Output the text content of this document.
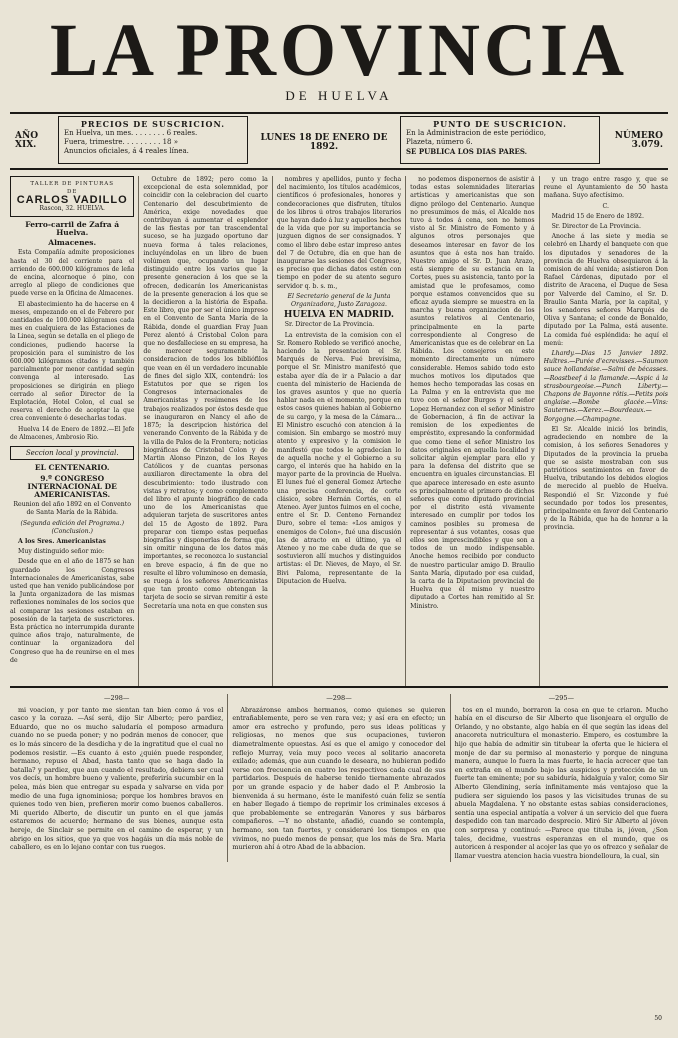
LA PROVINCIA
DE HUELVA
AÑO XIX.
PRECIOS DE SUSCRICION.
En Huelva, un mes. . . . . . . . 6 reales.
Fuera, trimestre. . . . . . . . . 18 »
Anuncios oficiales, á 4 reales línea.
LUNES 18 DE ENERO DE 1892.
PUNTO DE SUSCRICION.
En la Administracion de este periódico,
Plazeta, número 6.
SE PUBLICA LOS DIAS PARES.
NÚMERO 3.079.
TALLER DE PINTURAS
DE
CARLOS VADILLO
Rascon, 32. HUELVA.

Ferro-carril de Zafra á Huelva.

Almacenes.

Esta Compañía admite proposiciones hasta el 30 del corriente para el arriendo de 600.000 kilógramos de leña de encina, alcornoque ó pino, con arreglo al pliego de condiciones que puede verse en la Oficina de Almacenes.

El abastecimiento ha de hacerse en 4 meses, empezando en el de Febrero por cantidades de 100.000 kilógramos cada mes en cualquiera de las Estaciones de la Linea, según se detalla en el pliego de condiciones, pudiendo hacerse la proposición para el suministro de los 600.000 kilógramos citados y también parcialmente por menor cantidad según convenga al interesado. Las proposiciones se dirigirán en pliego cerrado al señor Director de la Explotación, Hotel Colon, el cual se reserva el derecho de aceptar la que crea conveniente ó desecharlas todas.

Huelva 14 de Enero de 1892.—El Jefe de Almacenes, Ambrosio Rio.

Seccion local y provincial.

EL CENTENARIO.

9.º CONGRESO INTERNACIONAL DE AMERICANISTAS.

Reunion del año 1892 en el Convento de Santa María de la Rábida.

(Segunda edición del Programa.) (Conclusion.)

A los Sres. Americanistas

Muy distinguido señor mio:

Desde que en el año de 1875 se han guardado los Congresos Internacionales de Americanistas, sabe usted que han venido publicándose por la Junta organizadora de las mismas reflexiones nominales de los socios que al comparar las sesiones estaban en posesión de la tarjeta de suscrictores. Esta práctica no interrumpida durante quince años trajo, naturalmente, de continuar la organizadora del Congreso que ha de reunirse en el mes de

Octubre de 1892; pero como la excepcional de esta solemnidad, por coincidir con la celebracion del cuarto Centenario del descubrimiento de América, exige novedades que contribuyan á aumentar el esplendor de las fiestas por tan trascendental suceso, se ha juzgado oportuno dar nueva forma á tales relaciones, incluyéndolas en un libro de buen volúmen que, ocupando un lugar distinguido entre los varios que la presente generacion á los que se la ofrecen, dedicarán los Americanistas de la presente generacion á los que se la decidieron a la história de España. Este libro, que por ser el único impreso en el Convento de Santa María de la Rábida, donde el guardian Fray Juan Perez alentó á Cristobal Colon para que no desfalleciese en su empresa, ha de merecer seguramente la consideracion de todos los bibliófilos que vean en él un verdadero incunable de fines del siglo XIX, contendrá: los Estatutos por que se rigen los Congresos internacionales de Americanistas y resúmenes de los trabajos realizados por éstos desde que se inauguraron en Nancy el año de 1875; la descripcion histórica del venerando Convento de la Rábida y de la villa de Palos de la Frontera; noticias biográficas de Cristobal Colon y de Martin Alonso Pinzon, de los Reyes Católicos y de cuantas personas auxiliaron directamente la obra del descubrimiento: todo ilustrado con vistas y retratos; y como complemento del libro el apunte biográfico de cada uno de los Americanistas que adquieran tarjeta de suscritores antes del 15 de Agosto de 1892. Para preparar con tiempo estas pequeñas biografías y disponerlas de forma que, sin omitir ninguna de los datos más importantes, se reconozca lo sustancial en breve espacio, á fin de que no resulte el libro voluminoso en demasía, se ruega á los señores Americanistas que tan pronto como obtengan la tarjeta de socio se sirvan remitir á este Secretaría una nota en que consten sus

nombres y apellidos, punto y fecha del nacimiento, los títulos académicos, científicos ó profesionales, honores y condecoraciones que disfruten, títulos de los libros ú otros trabajos literarios que hayan dado á luz y aquellos hechos de la vida que por su importancia se juzguen dignos de ser consignados. Y como el libro debe estar impreso antes del 7 de Octubre, día en que han de inaugurarse las sesiones del Congreso, es preciso que dichas datos estén con tiempo en poder de su atento seguro servidor q. b. s. m.,

El Secretario general de la Junta Organizadora, Justo Zaragoza.

HUELVA EN MADRID.

Sr. Director de La Provincia.

La entrevista de la comision con el Sr. Romero Robledo se verificó anoche, haciendo la presentacion el Sr. Marqués de Nerva. Fué brevísima, porque el Sr. Ministro manifestó que estaba ayer día de ir a Palacio a dar cuenta del ministerio de Hacienda de los graves asuntos y que no quería hablar nada en el momento, porque en estos casos quienes habian al Gobierno de su cargo, y la mesa de la Cámara... El Ministro escuchó con atencion á la comision. Sin embargo se mostró muy atento y expresivo y la comision le manifestó que todos le agradecían lo de aquella noche y el Gobierno a su cargo, el interés que ha habido en la mayor parte de la provincia de Huelva. El lunes fué el general Gomez Arteche una precisa conferencia, de corte clásico, sobre Hernán Cortés, en el Ateneo. Ayer juntos fuimos en el coche, entre el Sr. D. Centeno Fernandez Duro, sobre el tema: «Los amigos y enemigos de Colon», fué una discusión las de atracto en el último, ya el Ateneo y no me cabe duda de que se sostuvieron allí muchos y distinguidos artistas: el Dr. Nieves, de Mayo, el Sr. Bivi Paloma, representante de la Diputacion de Huelva.

no podemos disponernos de asistir á todas estas solemnidades literarias artísticas y americanistas que son digno prólogo del Centenario. Aunque no presumimos de más, el Alcalde nos tuvo á todos á cena, son no hemos visto al Sr. Ministro de Fomento y á algunos otros personajes que deseamos interesar en favor de los asuntos que á esta nos han traído. Nuestro amigo el Sr. D. Juan Arazo, está siempre de su estancia en la Cortes, pues su asistencia, tanto por la amistad que le profesamos, como porque estamos convencidos que su eficaz ayuda siempre se muestra en la marcha y buena organizacion de los asuntos relativos al Centenario, principalmente en la parte correspondiente al Congreso de Americanistas que es de celebrar en La Rábida. Los consejeros en este momento directamente un número considerable. Hemos sabido todo esto muchos motivos los diputados que hemos hecho temporadas las cosas en La Palma y en la entrevista que me tuvo con el señor Burgos y el señor Lopez Hernandez con el señor Ministro de Gobernacion, á fin de activar la remision de los expedientes de empréstito, expresando la conformidad que como tiene el señor Ministro los datos originales en aquella localidad y solicitar algún ejemplar para ello y para la defensa del distrito que se encuentra en iguales circunstancias. El que aparece interesado en este asunto es principalmente el primero de dichos señores que como diputado provincial por el distrito está vivamente interesado en cumplir por todos los caminos posibles su promesa de representar á sus votantes, cosas que ellos son imprescindibles y que son a todos de un modo indispensable. Anoche hemos recibido por conducto de nuestro particular amigo D. Braulio Santa María, diputado por esa cuidad, la carta de la Diputacion provincial de Huelva que él mismo y nuestro diputado a Cortes han remitido al Sr. Ministro.

y un trago entre rasgo y, que se reune el Ayuntamiento de 50 hasta mañana. Suyo afectísimo.

C.

Madrid 15 de Enero de 1892.

Sr. Director de La Provincia.

Anoche á las siete y media se celebró en Lhardy el banquete con que los diputados y senadores de la provincia de Huelva obsequiaron á la comision de ahí venida; asistieron Don Rafael Cárdenas, diputado por el distrito de Aracena, el Duque de Sesa por Valverde del Camino, el Sr. D. Braulio Santa María, por la capital, y los senadores señores Marqués de Oliva y Santana; el conde de Bonaldo, diputado por La Palma, está ausente. La comida fué espléndida: he aquí el menú:

Lhardy.—Dias 15 Janvier 1892. Huîtres.—Purée d'ecrevisses.—Saumon sauce hollandaise.—Salmi de bécasses.—Roastbeef á la flamande.—Aspic á la strasbourgeoise.—Punch Liberty.—Chapons de Bayonne rôtis.—Petits pois anglaise.—Bombe glacée.—Vins: Sauternes.—Xerez.—Bourdeaux.—Borgogne.—Champagne.

El Sr. Alcalde inició los brindis, agradeciendo en nombre de la comision, á los señores Senadores y Diputados de la provincia la prueba que se asiste mostraban con sus patrióticos sentimientos en favor de Huelva, tributando los debidos elogios de merecido al pueblo de Huelva. Respondió el Sr. Vizconde y fué secundado por todos los presentes, principalmente en favor del Centenario y de la Rábida, que ha de honrar a la provincia.

—298—

mi voacion, y por tanto me sientan tan bien como á vos el casco y la coraza. —Así será, dijo Sir Alberto; pero pardiez, Eduardo, que no os mucho saludaría el pomposo armadura cuando no se pueda poner; y no podrán menos de conocer, que es lo más sincero de la desdicha y de la ingratitud que el cual no podemos resistir. —Es cuanto á esto ¿quién puede responder, hermano, repuso el Abad, hasta tanto que se haga dado la batalla? y pardiez, que aun cuando el resultado, debiera ser cual vos decís, un hombre bueno y valiente, preferiría sucumbir en la pelea, más bien que entregar su espada y salvarse en vida por medio de una fuga ignominiosa; porque los hombres bravos en quienes todo ven bien, prefieren morir como buenos caballeros. Mi querido Alberto, de discutir un punto en el que jamás estaremos de acuerdo; hermano de sus bienes, aunque esta hereje, de Sinclair se permite en el camino de esperar, y un abrigo en los sitios, que ya que vos hagáis un día más noble de caballero, es en lo lejano contar con tus ruegos.

—298—

Abrazáronse ambos hermanos, como quienes se quieren entrañablemente, pero se ven rara vez; y así era en efecto; un amor era estrecho y profundo, pero sus ideas políticas y religiosas, no menos que sus ocupaciones, tuvieron diametralmente opuestas. Así es que el amigo y conocedor del reflejo Murray, veía muy poco veces al solitario anacoreta exilado; además, que aun cuando le deseara, no hubieran podido verse con frecuencia en cuatro los respectivos cada cual de sus partidarios. Después de haberse tenido tiernamente abrazados por un grande espacio y de haber dado el P. Ambrosio la bienvenida á su hermano, éste le manifestó cuán feliz se sentía en haber llegado á tiempo de reprimir los criminales excesos á que probablemente se entregarán Vanores y sus bárbaros compañeros. —Y no obstante, añadió, cuando se contempla, hermano, son tan fuertes, y consideraré los tiempos en que vivimos, no puedo menos de pensar, que los más de Sra. Maria murieron ahí á otro Abad de la abbacion.

—295—

tos en el mundo, borraron la cosa en que te criaron. Mucho había en el discurso de Sir Alberto que lisonjeara el orgullo de Orlando, y no obstante, algo había en él que según las ideas del anacoreta nutricultura el monasterio. Empero, es costumbre la hijo que había de admitir sin titubear la oferta que le hiciera el monje de dar su permiso al monasterio y porque de ninguna manera, aunque lo fuera la mas fuerte, le hacía acrecer que tan en extraña en el mundo bajo las auspicios y protección de un fuerte tan eminente; por su sabiduría, hidalguía y valor, como Sir Alberto Glendining, sería infinitamente más ventajoso que la pudiera ser siguiendo los pasos y las vicisitudes trunas de su abuela Magdalena. Y no obstante estas sabias consideraciones, sentía una especial antipatía a volver á un servicio del que fuera despedido con tan marcado desprecio. Miró Sir Alberto al jóven con sorpresa y continuó: —Parece que tituba is, jóven, ¿Son tales, decidme, vuestras esperanzas en el mundo, que os autoricen á responder al acojer las que yo os ofrezco y señalar de llamar vuestra atencion hacia vuestra biondelloura, la cual, sin

50
